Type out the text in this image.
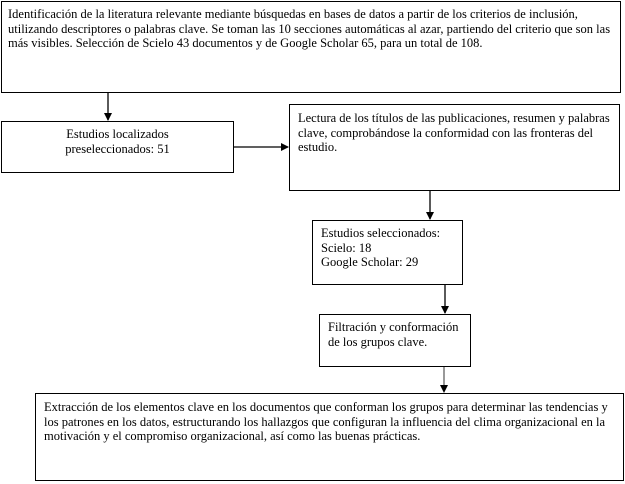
Identificación de la literatura relevante mediante búsquedas en bases de datos a partir de los criterios de inclusión, utilizando descriptores o palabras clave. Se toman las 10 secciones automáticas al azar, partiendo del criterio que son las más visibles. Selección de Scielo 43 documentos y de Google Scholar 65, para un total de 108.
Estudios localizados
preseleccionados: 51
Lectura de los títulos de las publicaciones, resumen y palabras clave, comprobándose la conformidad con las fronteras del estudio.
Estudios seleccionados:
Scielo: 18
Google Scholar: 29
Filtración y conformación de los grupos clave.
Extracción de los elementos clave en los documentos que conforman los grupos para determinar las tendencias y los patrones en los datos, estructurando los hallazgos que configuran la influencia del clima organizacional en la motivación y el compromiso organizacional, así como las buenas prácticas.
